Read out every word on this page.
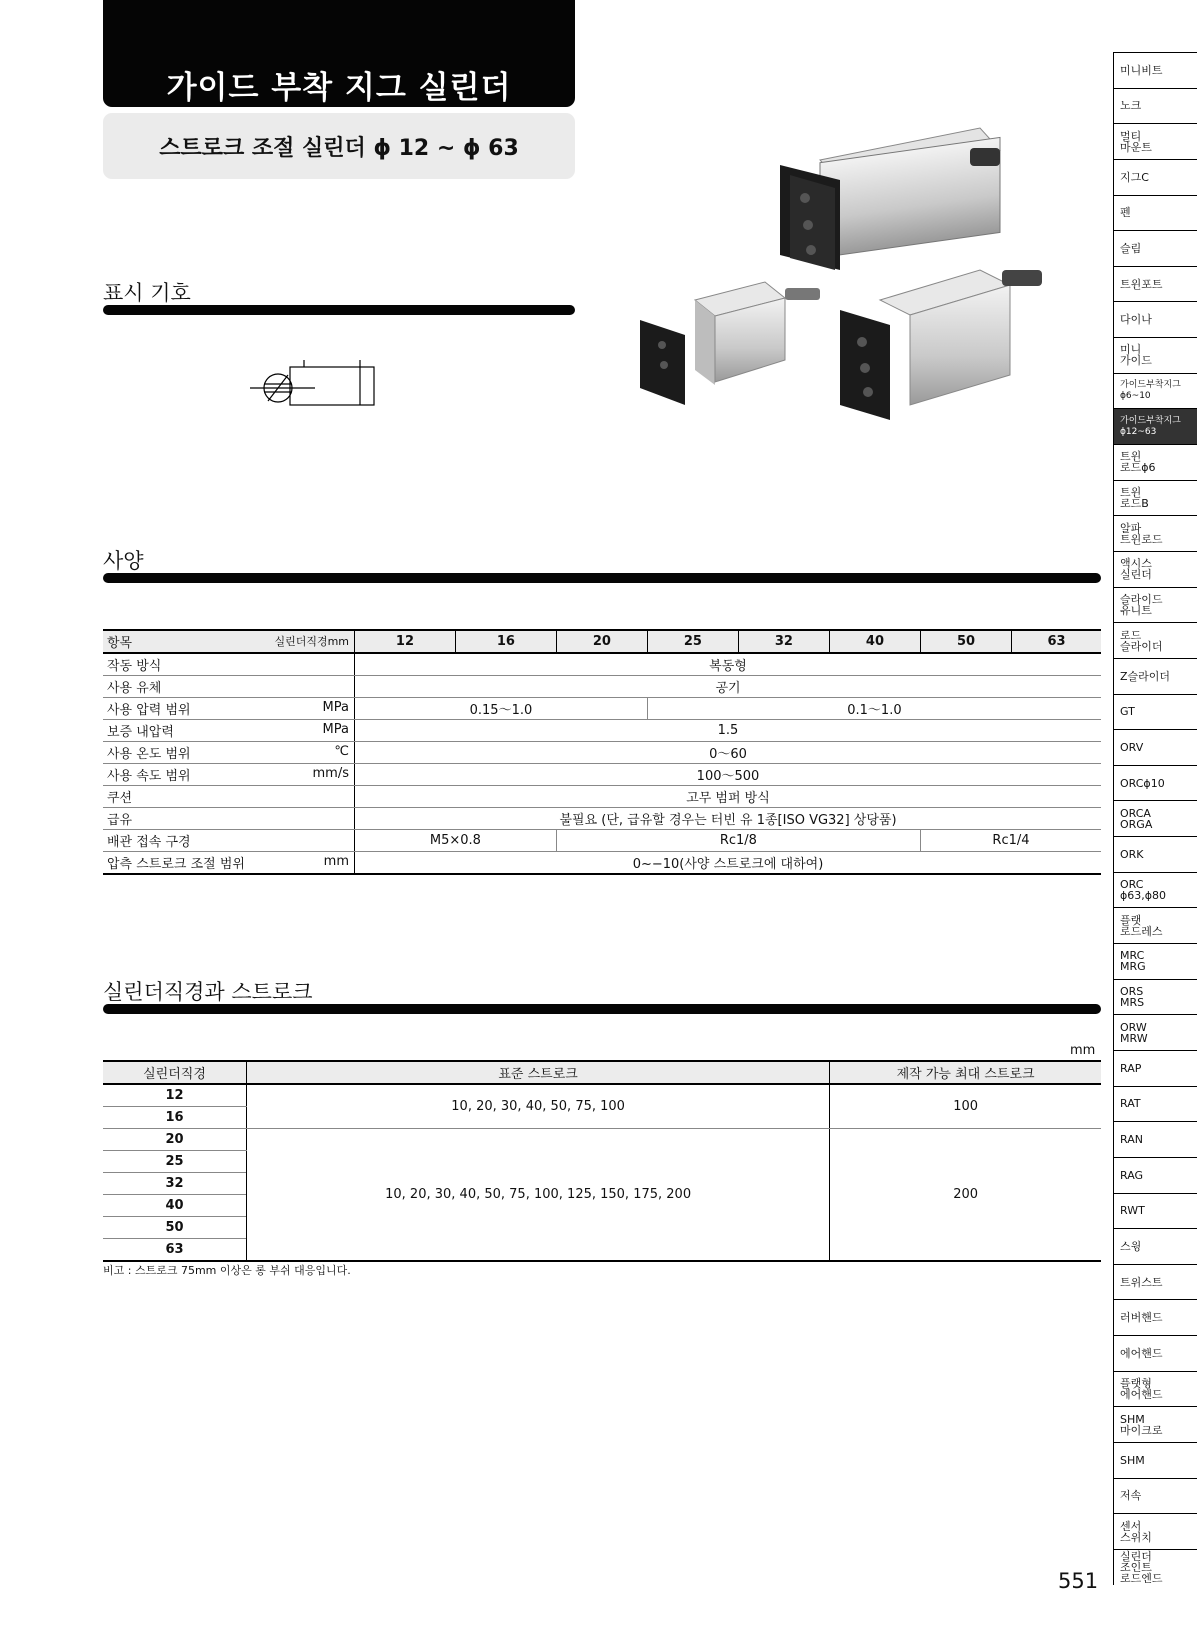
가이드 부착 지그 실린더
스트로크 조절 실린더 ϕ 12 ~ ϕ 63
표시 기호
사양
항목 실린더직경mm	12	16	20	25	32	40	50	63
작동 방식	복동형							
사용 유체	공기							
사용 압력 범위 MPa	0.15～1.0			0.1～1.0				
보증 내압력 MPa	1.5							
사용 온도 범위 ℃	0～60							
사용 속도 범위 mm/s	100～500							
쿠션	고무 범퍼 방식							
급유	불필요 (단, 급유할 경우는 터빈 유 1종[ISO VG32] 상당품)							
배관 접속 구경	M5×0.8		Rc1/8				Rc1/4	
압측 스트로크 조절 범위 mm	0~−10(사양 스트로크에 대하여)							
실린더직경과 스트로크
mm
실린더직경	표준 스트로크	제작 가능 최대 스트로크
12	10, 20, 30, 40, 50, 75, 100	100
16		
20	10, 20, 30, 40, 50, 75, 100, 125, 150, 175, 200	200
25		
32		
40		
50		
63		
비고 : 스트로크 75mm 이상은 롱 부쉬 대응입니다.
551
미니비트
노크
멀티
마운트
지그C
펜
슬림
트윈포트
다이나
미니
가이드
가이드부착지그
ϕ6~10
가이드부착지그
ϕ12~63
트윈
로드ϕ6
트윈
로드B
알파
트윈로드
액시스
실린더
슬라이드
유니트
로드
슬라이더
Z슬라이더
GT
ORV
ORCϕ10
ORCA
ORGA
ORK
ORC
ϕ63,ϕ80
플랫
로드레스
MRC
MRG
ORS
MRS
ORW
MRW
RAP
RAT
RAN
RAG
RWT
스윙
트위스트
러버핸드
에어핸드
플랫형
에어핸드
SHM
마이크로
SHM
저속
센서
스위치
실린더
조인트
로드엔드
